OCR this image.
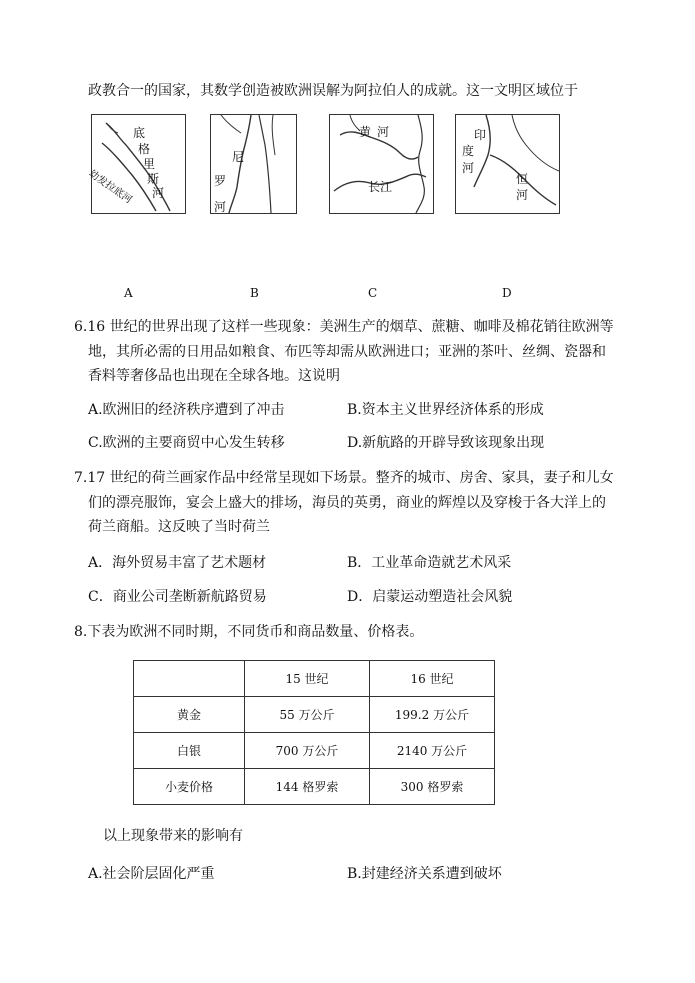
政教合一的国家，其数学创造被欧洲误解为阿拉伯人的成就。这一文明区域位于
底
格
里
斯
河
幼发拉底河
尼
罗
河
黄 河
长江
印
度
河
恒
河
A	B	C	D
6.16 世纪的世界出现了这样一些现象：美洲生产的烟草、蔗糖、咖啡及棉花销往欧洲等
地，其所必需的日用品如粮食、布匹等却需从欧洲进口；亚洲的茶叶、丝绸、瓷器和
香料等奢侈品也出现在全球各地。这说明
A.欧洲旧的经济秩序遭到了冲击	B.资本主义世界经济体系的形成
C.欧洲的主要商贸中心发生转移	D.新航路的开辟导致该现象出现
7.17 世纪的荷兰画家作品中经常呈现如下场景。整齐的城市、房舍、家具，妻子和儿女
们的漂亮服饰，宴会上盛大的排场，海员的英勇，商业的辉煌以及穿梭于各大洋上的
荷兰商船。这反映了当时荷兰
A．海外贸易丰富了艺术题材	B．工业革命造就艺术风采
C．商业公司垄断新航路贸易	D．启蒙运动塑造社会风貌
8.下表为欧洲不同时期，不同货币和商品数量、价格表。
	15 世纪	16 世纪
黄金	55 万公斤	199.2 万公斤
白银	700 万公斤	2140 万公斤
小麦价格	144 格罗索	300 格罗索
以上现象带来的影响有
A.社会阶层固化严重	B.封建经济关系遭到破坏
